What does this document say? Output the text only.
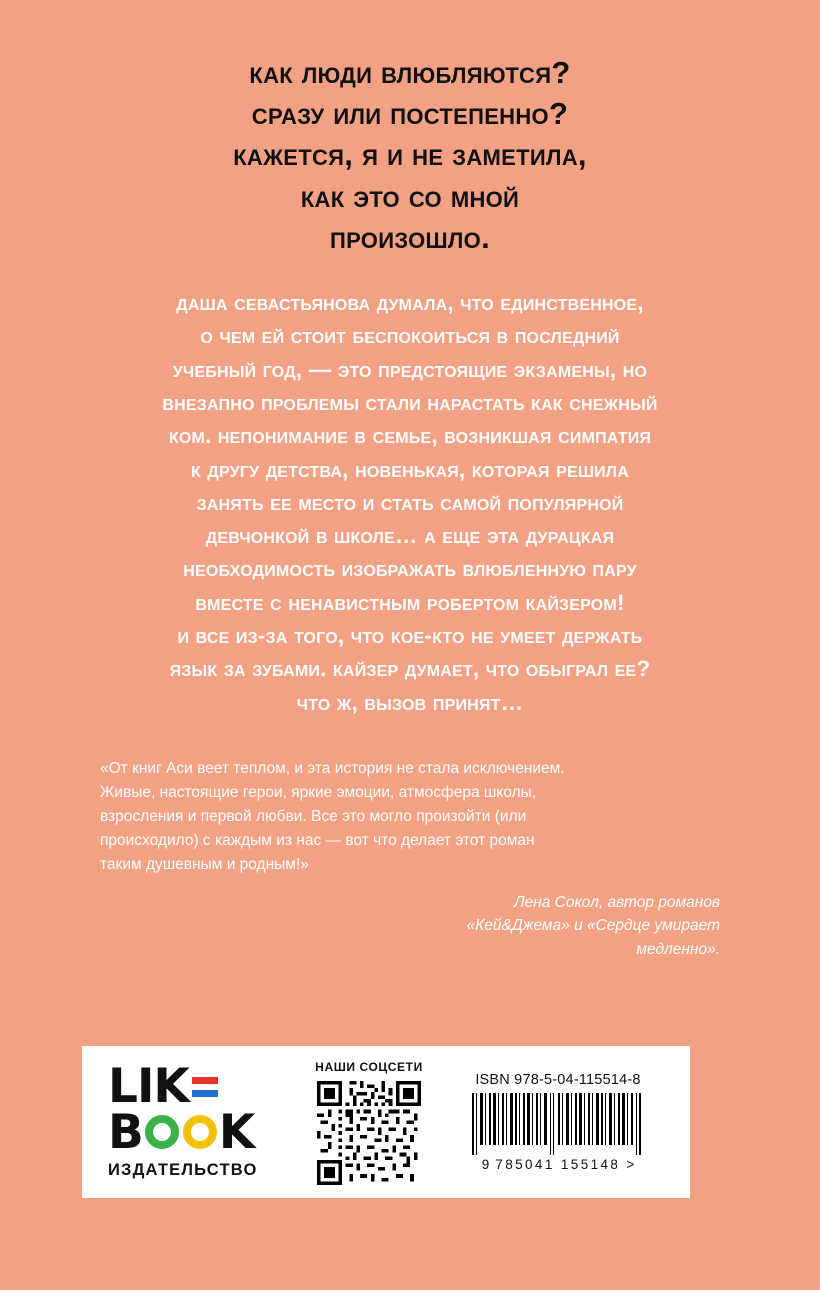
как люди влюбляются?
сразу или постепенно?
кажется, я и не заметила,
как это со мной
произошло.
даша севастьянова думала, что единственное,
о чем ей стоит беспокоиться в последний
учебный год, — это предстоящие экзамены, но
внезапно проблемы стали нарастать как снежный
ком. непонимание в семье, возникшая симпатия
к другу детства, новенькая, которая решила
занять ее место и стать самой популярной
девчонкой в школе… а еще эта дурацкая
необходимость изображать влюбленную пару
вместе с ненавистным робертом кайзером!
и все из-за того, что кое-кто не умеет держать
язык за зубами. кайзер думает, что обыграл ее?
что ж, вызов принят…
«От книг Аси веет теплом, и эта история не стала исключением.
Живые, настоящие герои, яркие эмоции, атмосфера школы,
взросления и первой любви. Все это могло произойти (или
происходило) с каждым из нас — вот что делает этот роман
таким душевным и родным!»
Лена Сокол, автор романов
«Кей&Джема» и «Сердце умирает
медленно».
LIK
B K
ИЗДАТЕЛЬСТВО
НАШИ СОЦСЕТИ
ISBN 978-5-04-115514-8
9 785041 155148 >
